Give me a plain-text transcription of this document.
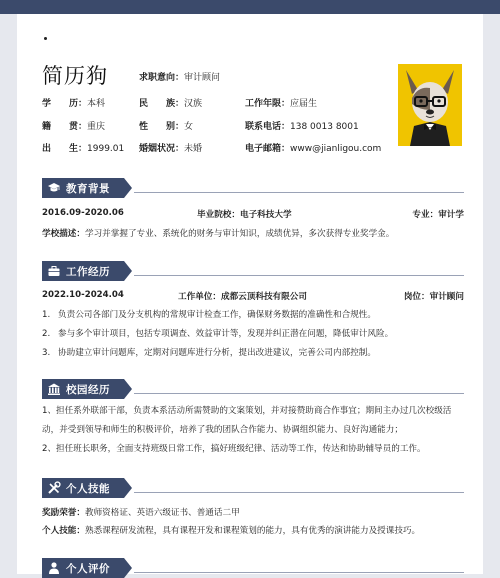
简历狗	求职意向：审计顾问
学　　历：本科	民　　族：汉族	工作年限：应届生
籍　　贯：重庆	性　　别：女	联系电话：138 0013 8001
出　　生：1999.01 婚姻状况：未婚	电子邮箱：www@jianligou.com
教育背景
2016.09-2020.06	毕业院校：电子科技大学	专业：审计学
学校描述：学习并掌握了专业、系统化的财务与审计知识，成绩优异，多次获得专业奖学金。
工作经历
2022.10-2024.04	工作单位：成都云顶科技有限公司	岗位：审计顾问
1. 负责公司各部门及分支机构的常规审计检查工作，确保财务数据的准确性和合规性。
2. 参与多个审计项目，包括专项调查、效益审计等，发现并纠正潜在问题，降低审计风险。
3. 协助建立审计问题库，定期对问题库进行分析，提出改进建议，完善公司内部控制。
校园经历
1、担任系外联部干部，负责本系活动所需赞助的文案策划，并对接赞助商合作事宜；期间主办过几次校级活动，并受到领导和师生的积极评价，培养了我的团队合作能力、协调组织能力、良好沟通能力；
2、担任班长职务，全面支持班级日常工作，搞好班级纪律、活动等工作，传达和协助辅导员的工作。
个人技能
奖励荣誉：教师资格证、英语六级证书、普通话二甲
个人技能：熟悉课程研发流程，具有课程开发和课程策划的能力，具有优秀的演讲能力及授课技巧。
个人评价
